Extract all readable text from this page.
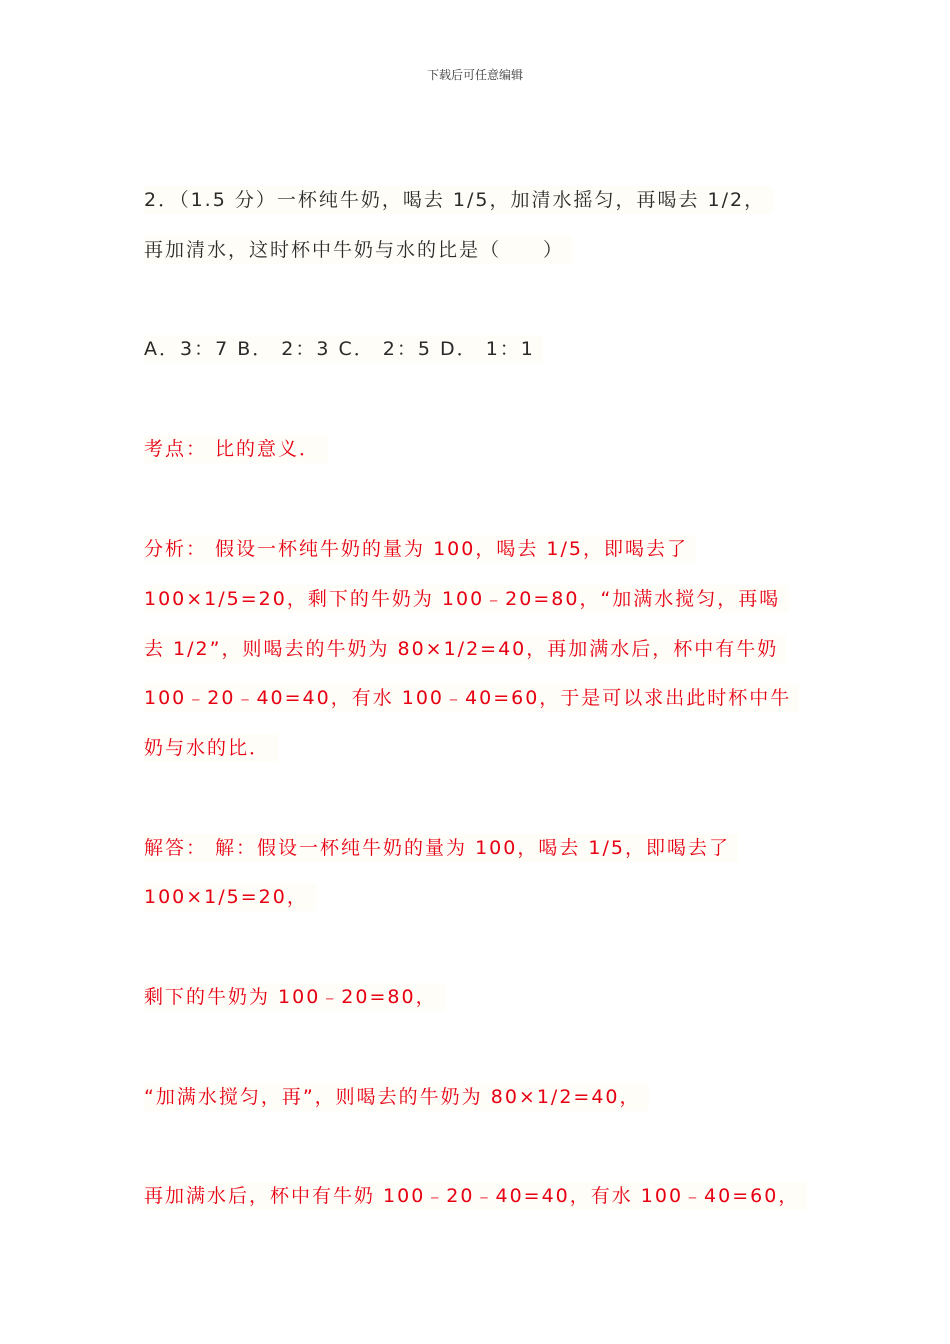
下载后可任意编辑
2．（1.5 分）一杯纯牛奶，喝去 1/5，加清水摇匀，再喝去 1/2，
再加清水，这时杯中牛奶与水的比是（　　）
A．3：7 B． 2：3 C． 2：5 D． 1：1
考点： 比的意义．
分析： 假设一杯纯牛奶的量为 100，喝去 1/5，即喝去了
100×1/5=20，剩下的牛奶为 100﹣20=80，“加满水搅匀，再喝
去 1/2”，则喝去的牛奶为 80×1/2=40，再加满水后，杯中有牛奶
100﹣20﹣40=40，有水 100﹣40=60，于是可以求出此时杯中牛
奶与水的比．
解答： 解：假设一杯纯牛奶的量为 100，喝去 1/5，即喝去了
100×1/5=20，
剩下的牛奶为 100﹣20=80，
“加满水搅匀，再”，则喝去的牛奶为 80×1/2=40，
再加满水后，杯中有牛奶 100﹣20﹣40=40，有水 100﹣40=60，
